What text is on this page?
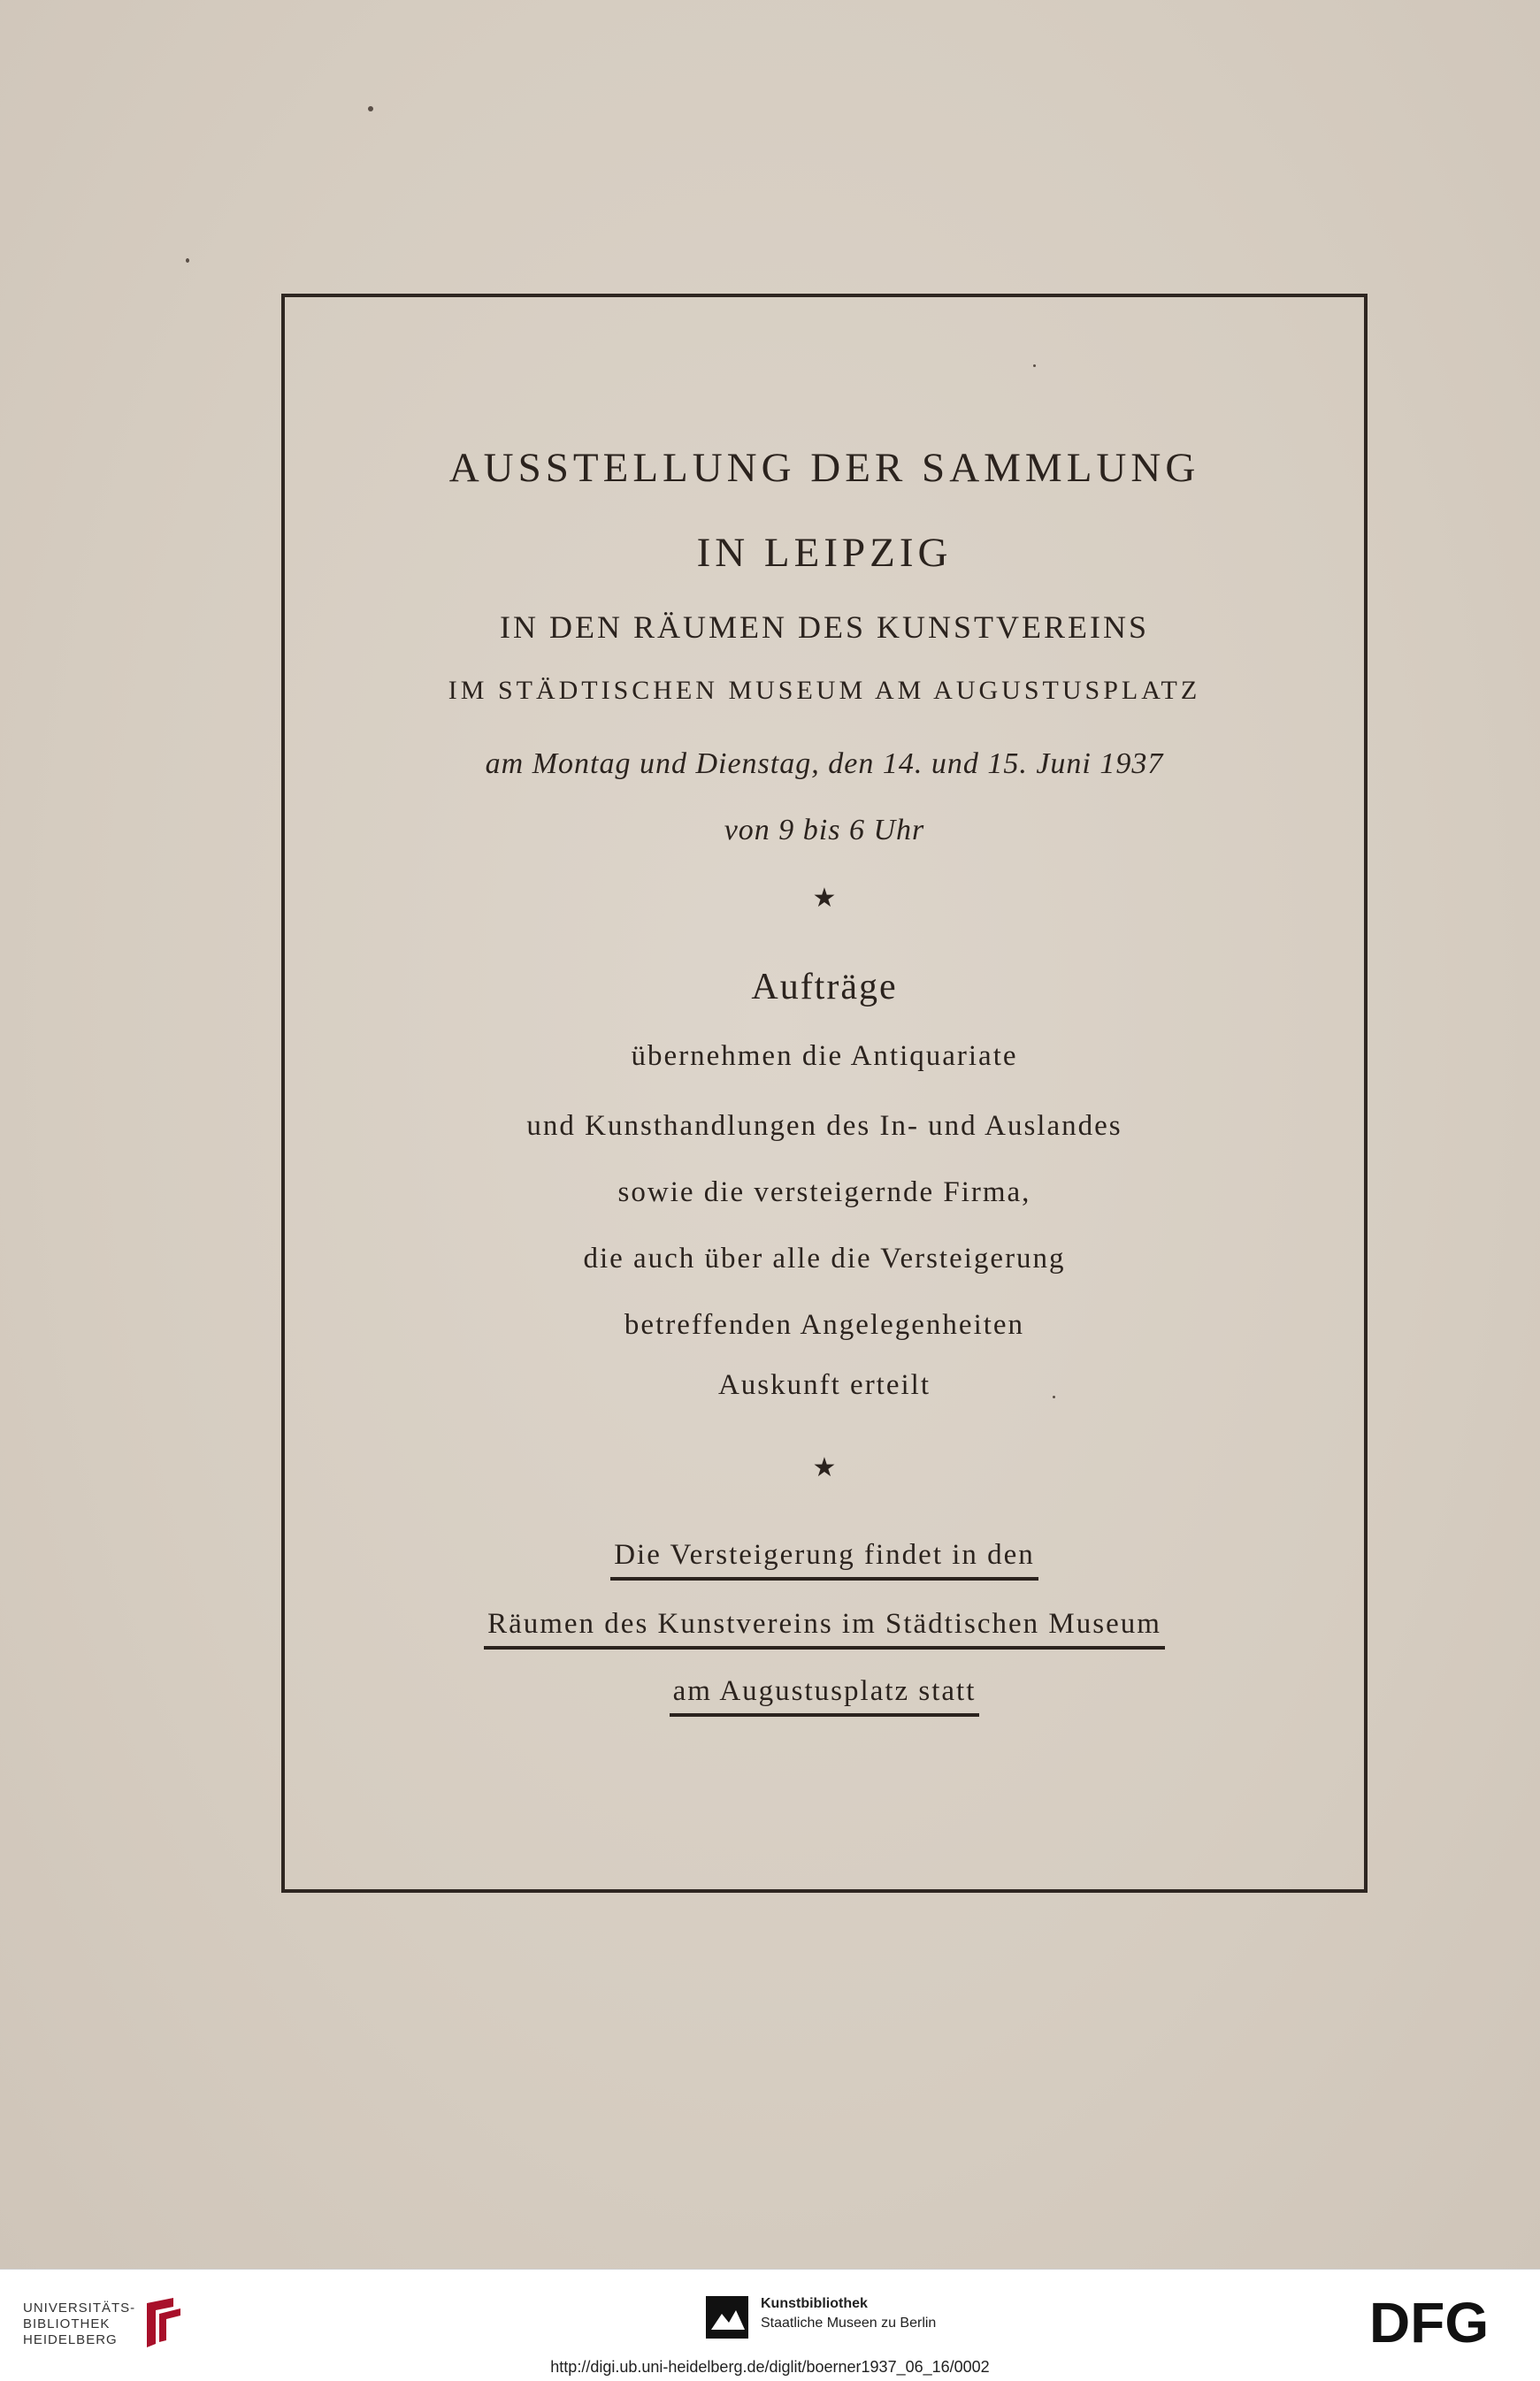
AUSSTELLUNG DER SAMMLUNG
IN LEIPZIG
IN DEN RÄUMEN DES KUNSTVEREINS
IM STÄDTISCHEN MUSEUM AM AUGUSTUSPLATZ
am Montag und Dienstag, den 14. und 15. Juni 1937
von 9 bis 6 Uhr
★
Aufträge
übernehmen die Antiquariate
und Kunsthandlungen des In- und Auslandes
sowie die versteigernde Firma,
die auch über alle die Versteigerung
betreffenden Angelegenheiten
Auskunft erteilt
★
Die Versteigerung findet in den
Räumen des Kunstvereins im Städtischen Museum
am Augustusplatz statt
UNIVERSITÄTS-
BIBLIOTHEK
HEIDELBERG
Kunstbibliothek
Staatliche Museen zu Berlin	DFG
http://digi.ub.uni-heidelberg.de/diglit/boerner1937_06_16/0002
